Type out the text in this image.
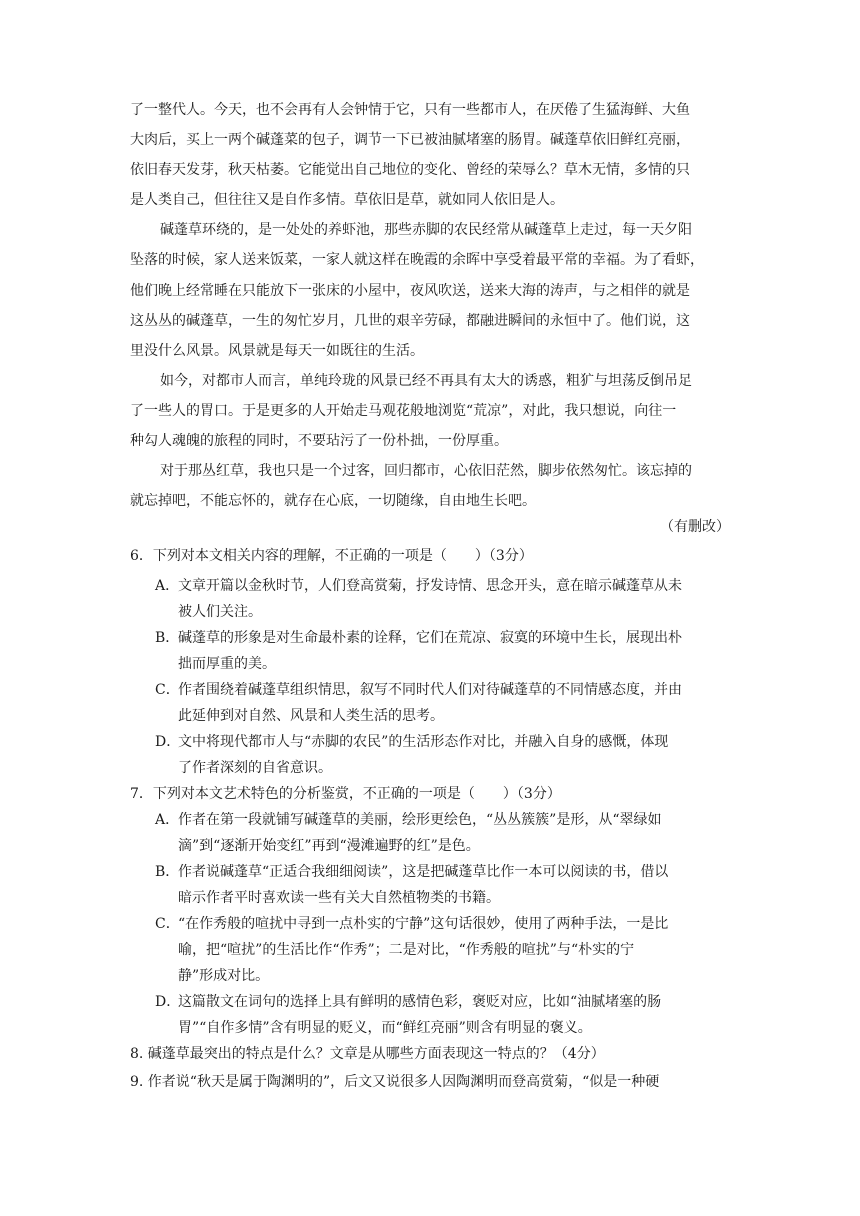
了一整代人。今天，也不会再有人会钟情于它，只有一些都市人，在厌倦了生猛海鲜、大鱼
大肉后，买上一两个碱蓬菜的包子，调节一下已被油腻堵塞的肠胃。碱蓬草依旧鲜红亮丽，
依旧春天发芽，秋天枯萎。它能觉出自己地位的变化、曾经的荣辱么？草木无情，多情的只
是人类自己，但往往又是自作多情。草依旧是草，就如同人依旧是人。
碱蓬草环绕的，是一处处的养虾池，那些赤脚的农民经常从碱蓬草上走过，每一天夕阳
坠落的时候，家人送来饭菜，一家人就这样在晚霞的余晖中享受着最平常的幸福。为了看虾，
他们晚上经常睡在只能放下一张床的小屋中，夜风吹送，送来大海的涛声，与之相伴的就是
这丛丛的碱蓬草，一生的匆忙岁月，几世的艰辛劳碌，都融进瞬间的永恒中了。他们说，这
里没什么风景。风景就是每天一如既往的生活。
如今，对都市人而言，单纯玲珑的风景已经不再具有太大的诱惑，粗犷与坦荡反倒吊足
了一些人的胃口。于是更多的人开始走马观花般地浏览“荒凉”，对此，我只想说，向往一
种勾人魂魄的旅程的同时，不要玷污了一份朴拙，一份厚重。
对于那丛红草，我也只是一个过客，回归都市，心依旧茫然，脚步依然匆忙。该忘掉的
就忘掉吧，不能忘怀的，就存在心底，一切随缘，自由地生长吧。
（有删改）
6．下列对本文相关内容的理解，不正确的一项是（　　）（3分）
A．
文章开篇以金秋时节，人们登高赏菊，抒发诗情、思念开头，意在暗示碱蓬草从未
被人们关注。
B．
碱蓬草的形象是对生命最朴素的诠释，它们在荒凉、寂寞的环境中生长，展现出朴
拙而厚重的美。
C．
作者围绕着碱蓬草组织情思，叙写不同时代人们对待碱蓬草的不同情感态度，并由
此延伸到对自然、风景和人类生活的思考。
D．
文中将现代都市人与“赤脚的农民”的生活形态作对比，并融入自身的感慨，体现
了作者深刻的自省意识。
7．下列对本文艺术特色的分析鉴赏，不正确的一项是（　　）（3分）
A．
作者在第一段就铺写碱蓬草的美丽，绘形更绘色，“丛丛簇簇”是形，从“翠绿如
滴”到“逐渐开始变红”再到“漫滩遍野的红”是色。
B．
作者说碱蓬草“正适合我细细阅读”，这是把碱蓬草比作一本可以阅读的书，借以
暗示作者平时喜欢读一些有关大自然植物类的书籍。
C．
“在作秀般的喧扰中寻到一点朴实的宁静”这句话很妙，使用了两种手法，一是比
喻，把“喧扰”的生活比作“作秀”；二是对比，“作秀般的喧扰”与“朴实的宁
静”形成对比。
D．
这篇散文在词句的选择上具有鲜明的感情色彩，褒贬对应，比如“油腻堵塞的肠
胃”“自作多情”含有明显的贬义，而“鲜红亮丽”则含有明显的褒义。
8. 碱蓬草最突出的特点是什么？文章是从哪些方面表现这一特点的？（4分）
9. 作者说“秋天是属于陶渊明的”，后文又说很多人因陶渊明而登高赏菊，“似是一种硬
